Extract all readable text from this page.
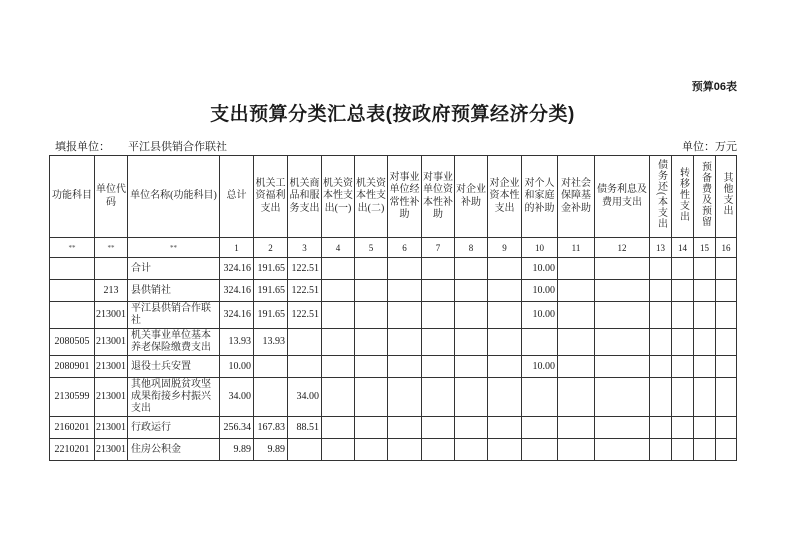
预算06表
支出预算分类汇总表(按政府预算经济分类)
填报单位： 平江县供销合作联社	单位：万元
功能科目	单位代码	单位名称(功能科目)	总计	机关工资福利支出	机关商品和服务支出	机关资本性支出(一)	机关资本性支出(二)	对事业单位经常性补助	对事业单位资本性补助	对企业补助	对企业资本性支出	对个人和家庭的补助	对社会保障基金补助	债务利息及费用支出	债务还(本支出	转移性支出	预备费及预留	其他支出
**	**	**	1	2	3	4	5	6	7	8	9	10	11	12	13	14	15	16
		合计	324.16	191.65	122.51							10.00						
	213	县供销社	324.16	191.65	122.51							10.00						
	213001	平江县供销合作联社	324.16	191.65	122.51							10.00						
2080505	213001	机关事业单位基本养老保险缴费支出	13.93	13.93														
2080901	213001	退役士兵安置	10.00									10.00						
2130599	213001	其他巩固脱贫攻坚成果衔接乡村振兴支出	34.00		34.00													
2160201	213001	行政运行	256.34	167.83	88.51													
2210201	213001	住房公积金	9.89	9.89														
